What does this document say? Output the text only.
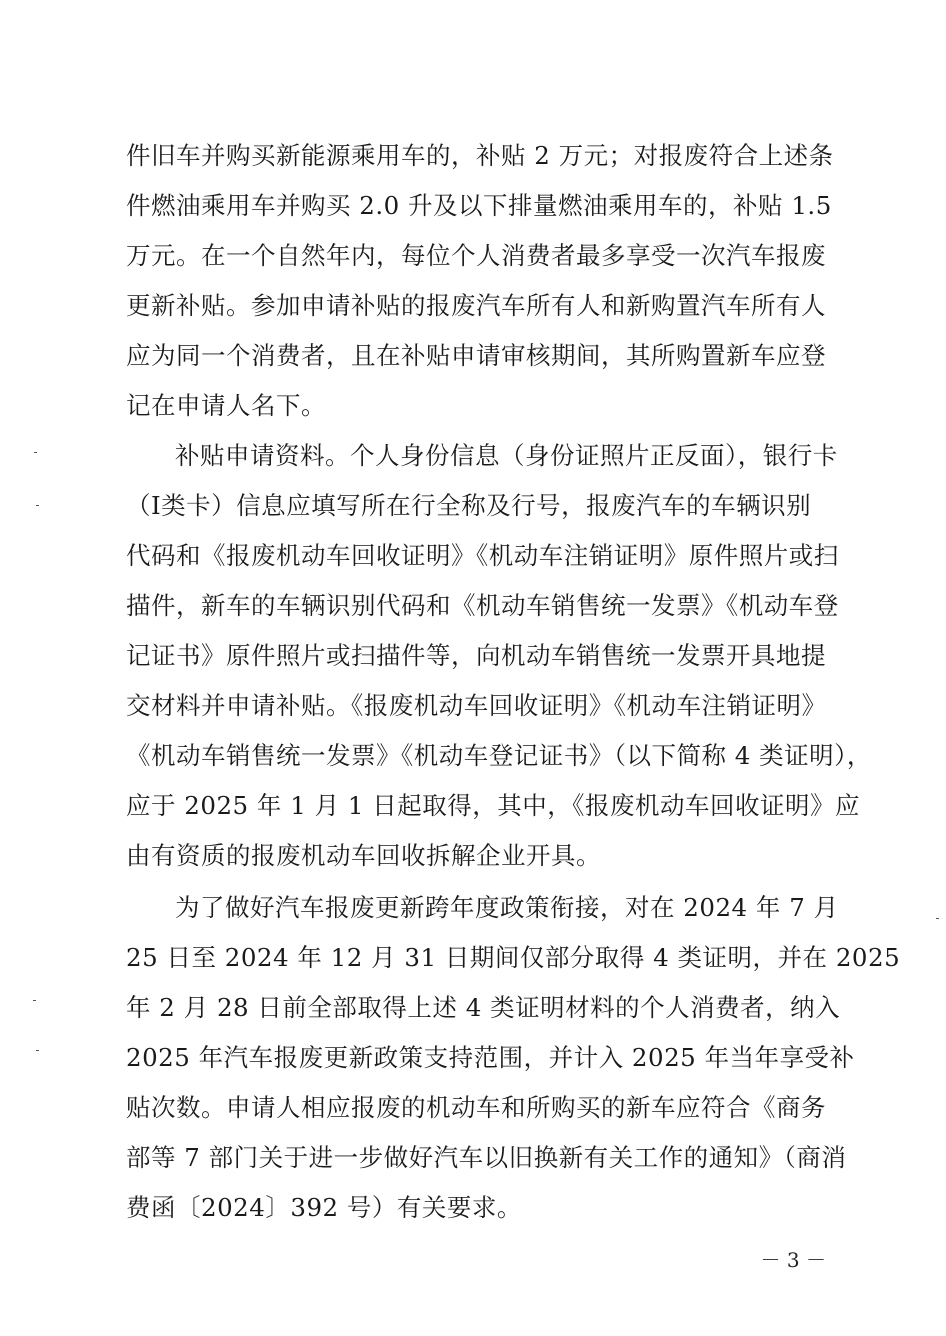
件旧车并购买新能源乘用车的，补贴 2 万元；对报废符合上述条
件燃油乘用车并购买 2.0 升及以下排量燃油乘用车的，补贴 1.5
万元。在一个自然年内，每位个人消费者最多享受一次汽车报废
更新补贴。参加申请补贴的报废汽车所有人和新购置汽车所有人
应为同一个消费者，且在补贴申请审核期间，其所购置新车应登
记在申请人名下。
补贴申请资料。个人身份信息（身份证照片正反面），银行卡
（Ⅰ类卡）信息应填写所在行全称及行号，报废汽车的车辆识别
代码和《报废机动车回收证明》《机动车注销证明》原件照片或扫
描件，新车的车辆识别代码和《机动车销售统一发票》《机动车登
记证书》原件照片或扫描件等，向机动车销售统一发票开具地提
交材料并申请补贴。《报废机动车回收证明》《机动车注销证明》
《机动车销售统一发票》《机动车登记证书》（以下简称 4 类证明），
应于 2025 年 1 月 1 日起取得，其中，《报废机动车回收证明》应
由有资质的报废机动车回收拆解企业开具。
为了做好汽车报废更新跨年度政策衔接，对在 2024 年 7 月
25 日至 2024 年 12 月 31 日期间仅部分取得 4 类证明，并在 2025
年 2 月 28 日前全部取得上述 4 类证明材料的个人消费者，纳入
2025 年汽车报废更新政策支持范围，并计入 2025 年当年享受补
贴次数。申请人相应报废的机动车和所购买的新车应符合《商务
部等 7 部门关于进一步做好汽车以旧换新有关工作的通知》（商消
费函〔2024〕392 号）有关要求。
－ 3 －
